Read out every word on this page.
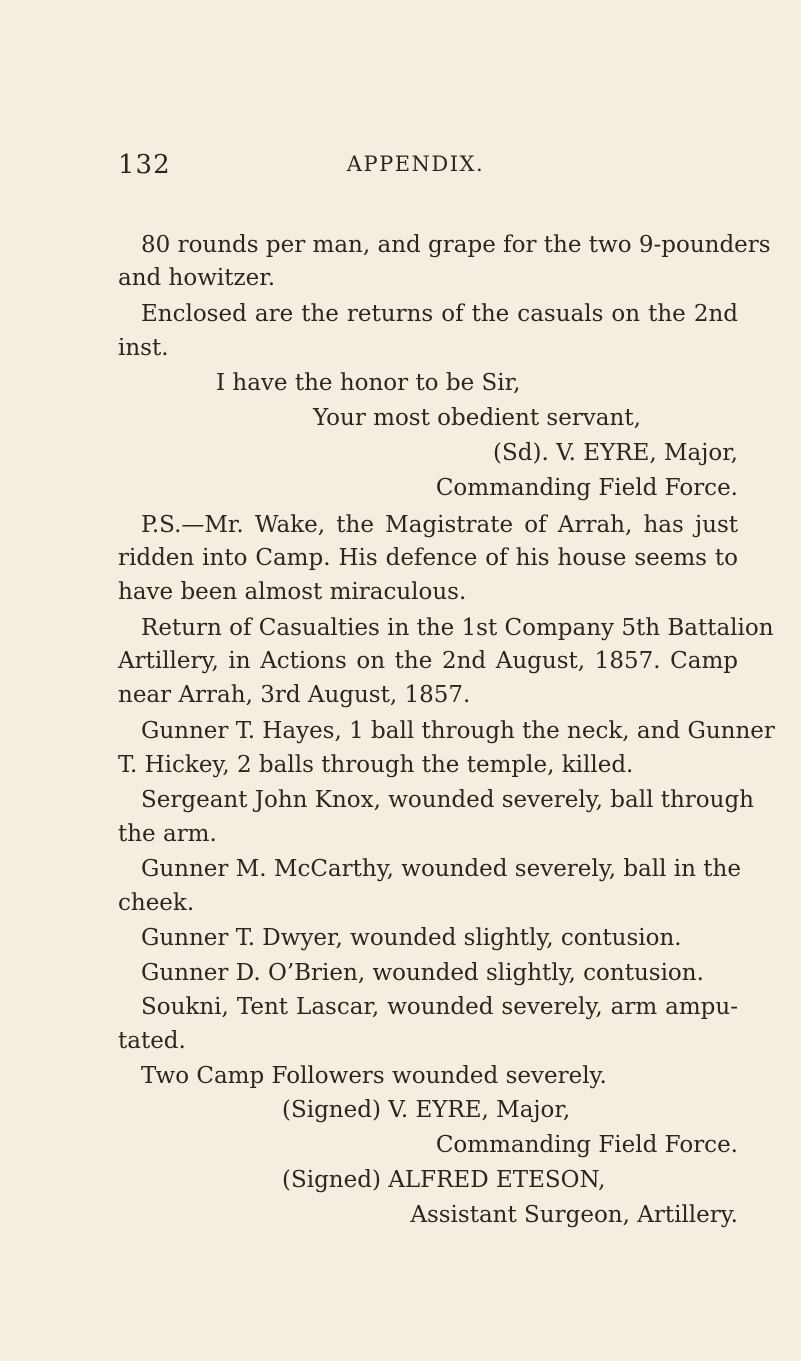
132	APPENDIX.
80 rounds per man, and grape for the two 9-pounders
and howitzer.
Enclosed are the returns of the casuals on the 2nd
inst.
I have the honor to be Sir,
Your most obedient servant,
(Sd). V. EYRE, Major,
Commanding Field Force.
P.S.—Mr. Wake, the Magistrate of Arrah, has just
ridden into Camp. His defence of his house seems to
have been almost miraculous.
Return of Casualties in the 1st Company 5th Battalion
Artillery, in Actions on the 2nd August, 1857. Camp
near Arrah, 3rd August, 1857.
Gunner T. Hayes, 1 ball through the neck, and Gunner
T. Hickey, 2 balls through the temple, killed.
Sergeant John Knox, wounded severely, ball through
the arm.
Gunner M. McCarthy, wounded severely, ball in the
cheek.
Gunner T. Dwyer, wounded slightly, contusion.
Gunner D. O’Brien, wounded slightly, contusion.
Soukni, Tent Lascar, wounded severely, arm ampu-
tated.
Two Camp Followers wounded severely.
(Signed) V. EYRE, Major,
Commanding Field Force.
(Signed) ALFRED ETESON,
Assistant Surgeon, Artillery.
